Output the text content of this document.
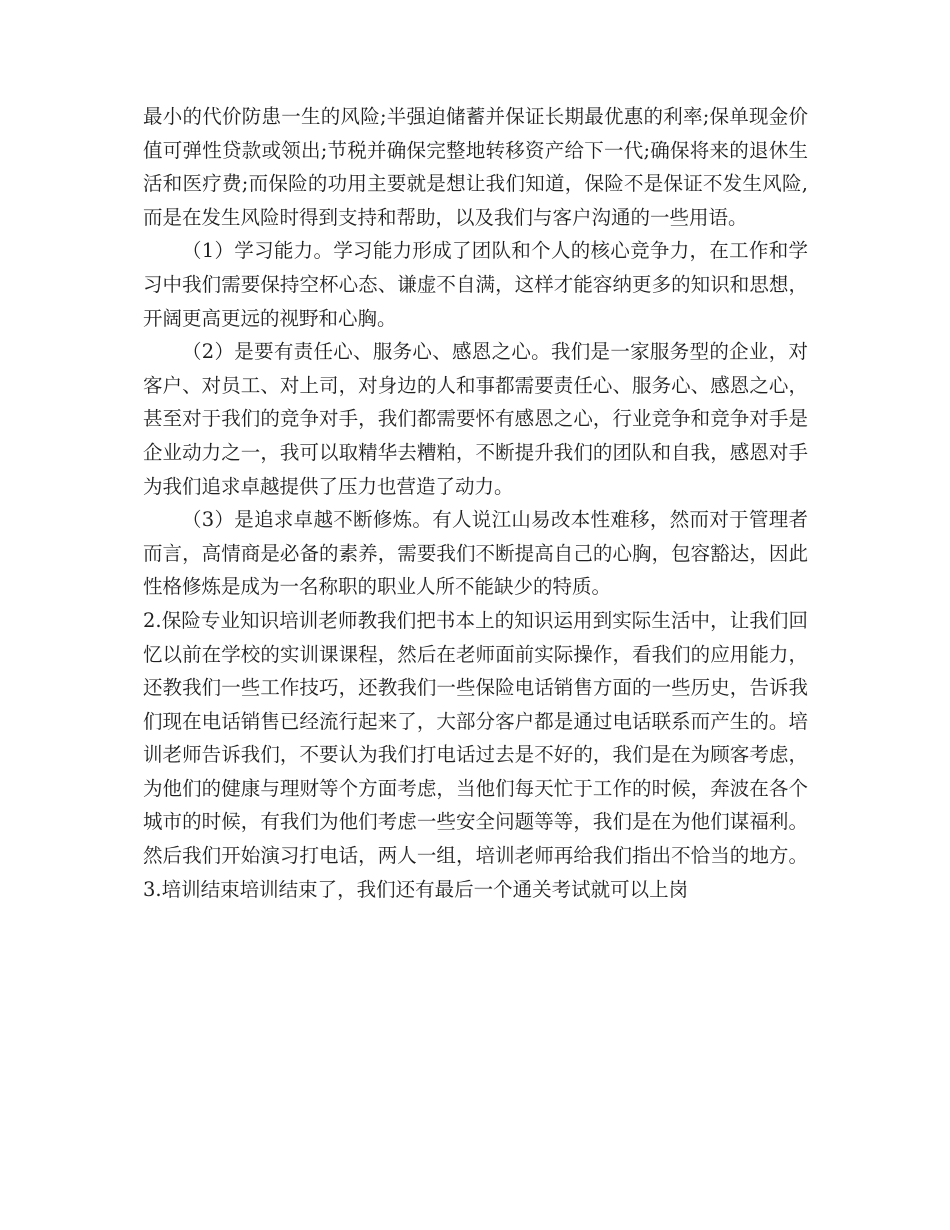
最小的代价防患一生的风险;半强迫储蓄并保证长期最优惠的利率;保单现金价值可弹性贷款或领出;节税并确保完整地转移资产给下一代;确保将来的退休生活和医疗费;而保险的功用主要就是想让我们知道，保险不是保证不发生风险,而是在发生风险时得到支持和帮助，以及我们与客户沟通的一些用语。

（1）学习能力。学习能力形成了团队和个人的核心竞争力，在工作和学习中我们需要保持空杯心态、谦虚不自满，这样才能容纳更多的知识和思想，开阔更高更远的视野和心胸。

（2）是要有责任心、服务心、感恩之心。我们是一家服务型的企业，对客户、对员工、对上司，对身边的人和事都需要责任心、服务心、感恩之心，甚至对于我们的竞争对手，我们都需要怀有感恩之心，行业竞争和竞争对手是企业动力之一，我可以取精华去糟粕，不断提升我们的团队和自我，感恩对手为我们追求卓越提供了压力也营造了动力。

（3）是追求卓越不断修炼。有人说江山易改本性难移，然而对于管理者而言，高情商是必备的素养，需要我们不断提高自己的心胸，包容豁达，因此性格修炼是成为一名称职的职业人所不能缺少的特质。

2.保险专业知识培训老师教我们把书本上的知识运用到实际生活中，让我们回忆以前在学校的实训课课程，然后在老师面前实际操作，看我们的应用能力，还教我们一些工作技巧，还教我们一些保险电话销售方面的一些历史，告诉我们现在电话销售已经流行起来了，大部分客户都是通过电话联系而产生的。培训老师告诉我们，不要认为我们打电话过去是不好的，我们是在为顾客考虑，为他们的健康与理财等个方面考虑，当他们每天忙于工作的时候，奔波在各个城市的时候，有我们为他们考虑一些安全问题等等，我们是在为他们谋福利。然后我们开始演习打电话，两人一组，培训老师再给我们指出不恰当的地方。3.培训结束培训结束了，我们还有最后一个通关考试就可以上岗
